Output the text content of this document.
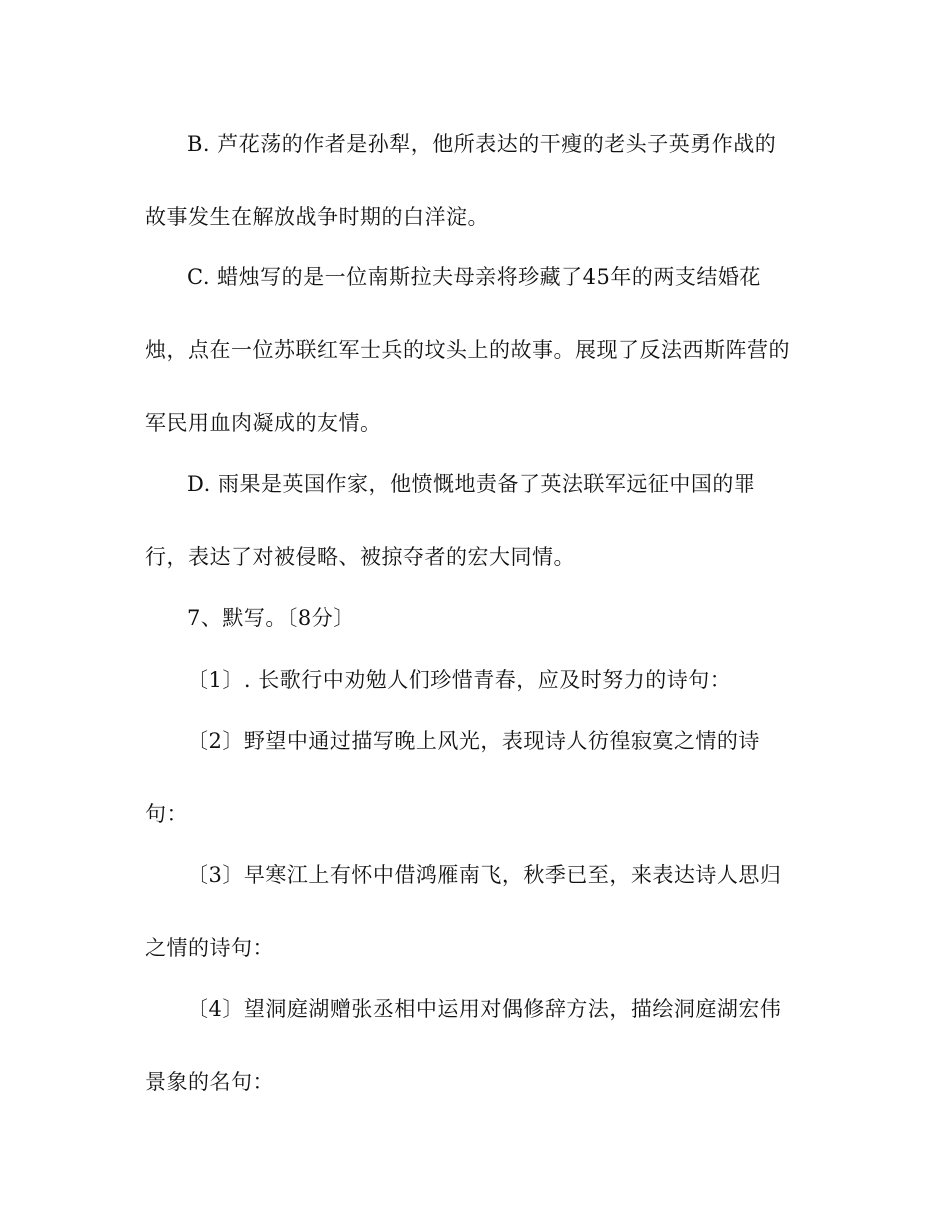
B. 芦花荡的作者是孙犁，他所表达的干瘦的老头子英勇作战的
故事发生在解放战争时期的白洋淀。
C. 蜡烛写的是一位南斯拉夫母亲将珍藏了45年的两支结婚花
烛，点在一位苏联红军士兵的坟头上的故事。展现了反法西斯阵营的
军民用血肉凝成的友情。
D. 雨果是英国作家，他愤慨地责备了英法联军远征中国的罪
行，表达了对被侵略、被掠夺者的宏大同情。
7、默写。〔8分〕
〔1〕. 长歌行中劝勉人们珍惜青春，应及时努力的诗句：
〔2〕野望中通过描写晚上风光，表现诗人彷徨寂寞之情的诗
句：
〔3〕早寒江上有怀中借鸿雁南飞，秋季已至，来表达诗人思归
之情的诗句：
〔4〕望洞庭湖赠张丞相中运用对偶修辞方法，描绘洞庭湖宏伟
景象的名句：
